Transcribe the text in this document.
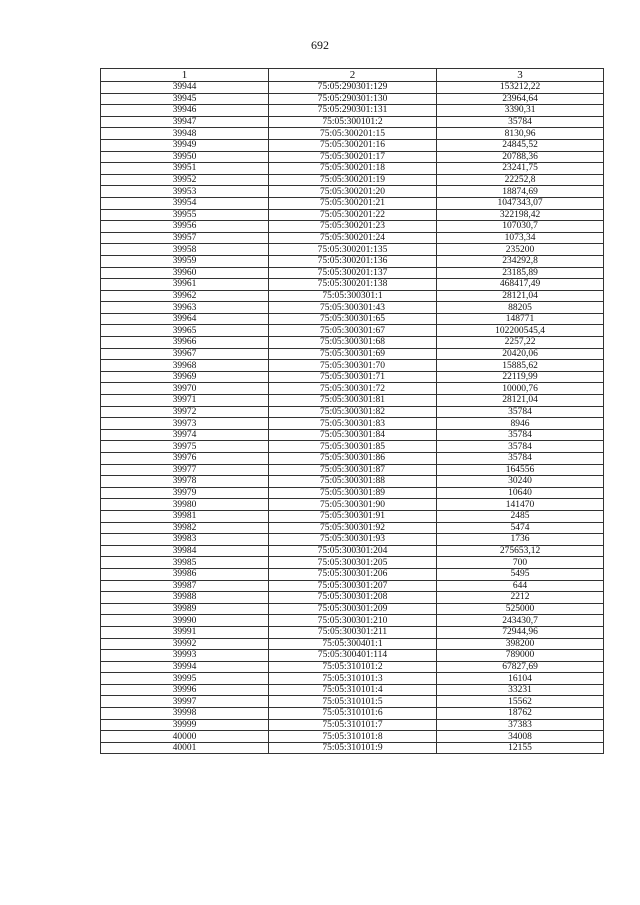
692
1	2	3
39944	75:05:290301:129	153212,22
39945	75:05:290301:130	23964,64
39946	75:05:290301:131	3390,31
39947	75:05:300101:2	35784
39948	75:05:300201:15	8130,96
39949	75:05:300201:16	24845,52
39950	75:05:300201:17	20788,36
39951	75:05:300201:18	23241,75
39952	75:05:300201:19	22252,8
39953	75:05:300201:20	18874,69
39954	75:05:300201:21	1047343,07
39955	75:05:300201:22	322198,42
39956	75:05:300201:23	107030,7
39957	75:05:300201:24	1073,34
39958	75:05:300201:135	235200
39959	75:05:300201:136	234292,8
39960	75:05:300201:137	23185,89
39961	75:05:300201:138	468417,49
39962	75:05:300301:1	28121,04
39963	75:05:300301:43	88205
39964	75:05:300301:65	148771
39965	75:05:300301:67	102200545,4
39966	75:05:300301:68	2257,22
39967	75:05:300301:69	20420,06
39968	75:05:300301:70	15885,62
39969	75:05:300301:71	22119,99
39970	75:05:300301:72	10000,76
39971	75:05:300301:81	28121,04
39972	75:05:300301:82	35784
39973	75:05:300301:83	8946
39974	75:05:300301:84	35784
39975	75:05:300301:85	35784
39976	75:05:300301:86	35784
39977	75:05:300301:87	164556
39978	75:05:300301:88	30240
39979	75:05:300301:89	10640
39980	75:05:300301:90	141470
39981	75:05:300301:91	2485
39982	75:05:300301:92	5474
39983	75:05:300301:93	1736
39984	75:05:300301:204	275653,12
39985	75:05:300301:205	700
39986	75:05:300301:206	5495
39987	75:05:300301:207	644
39988	75:05:300301:208	2212
39989	75:05:300301:209	525000
39990	75:05:300301:210	243430,7
39991	75:05:300301:211	72944,96
39992	75:05:300401:1	398200
39993	75:05:300401:114	789000
39994	75:05:310101:2	67827,69
39995	75:05:310101:3	16104
39996	75:05:310101:4	33231
39997	75:05:310101:5	15562
39998	75:05:310101:6	18762
39999	75:05:310101:7	37383
40000	75:05:310101:8	34008
40001	75:05:310101:9	12155
